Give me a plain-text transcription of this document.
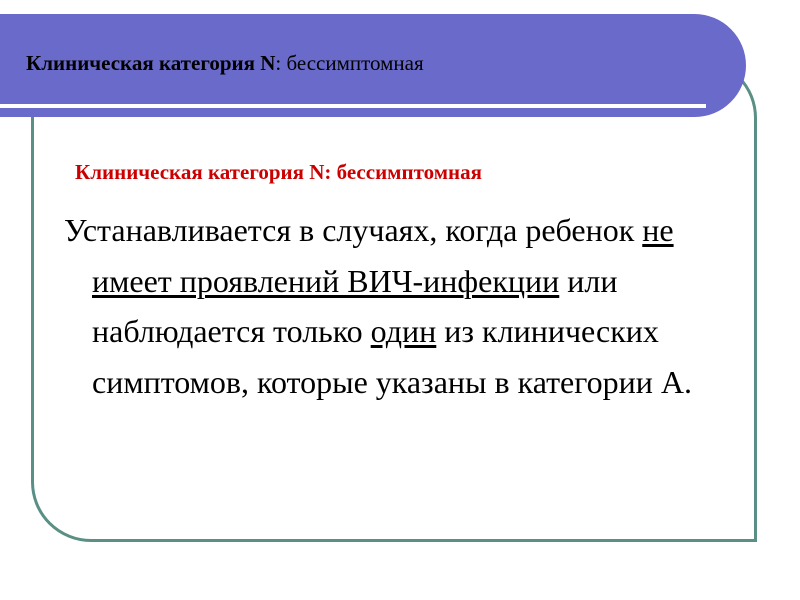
Клиническая категория N: бессимптомная
Клиническая категория N: бессимптомная
Устанавливается в случаях, когда ребенок не имеет проявлений ВИЧ-инфекции или наблюдается только один из клинических симптомов, которые указаны в категории А.
